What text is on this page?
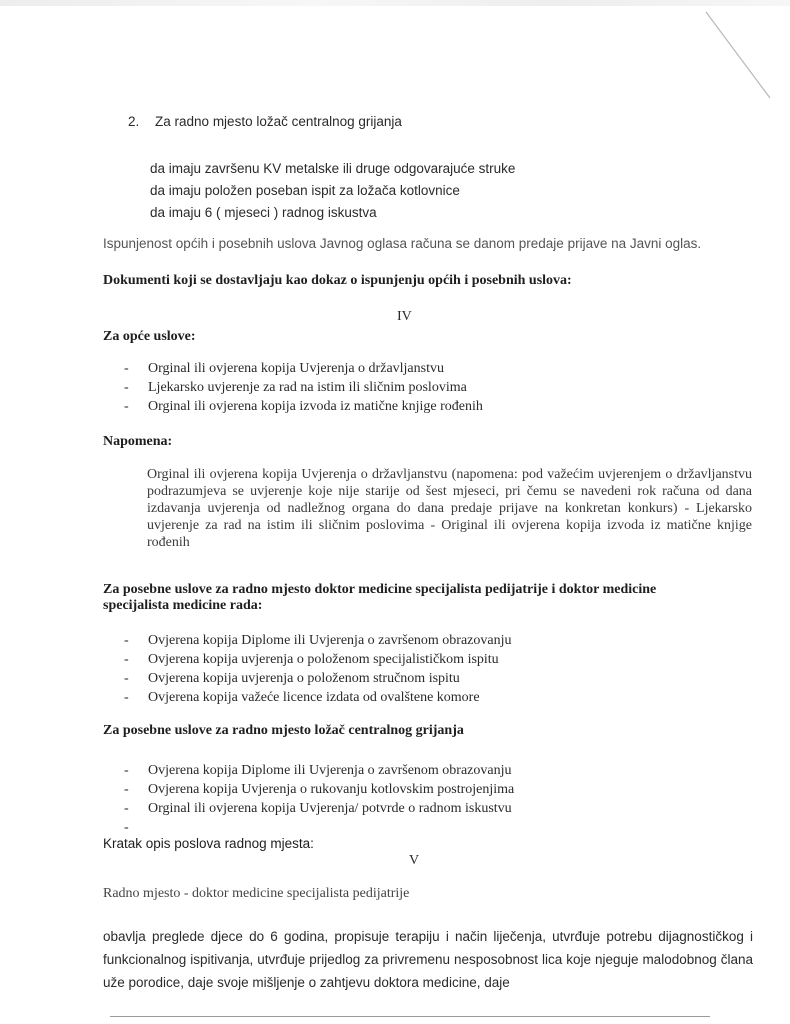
2. Za radno mjesto ložač centralnog grijanja
da imaju završenu KV metalske ili druge odgovarajuće struke
da imaju položen poseban ispit za ložača kotlovnice
da imaju 6 ( mjeseci ) radnog iskustva
Ispunjenost općih i posebnih uslova Javnog oglasa računa se danom predaje prijave na Javni oglas.
Dokumenti koji se dostavljaju kao dokaz o ispunjenju općih i posebnih uslova:
IV
Za opće uslove:
- Orginal ili ovjerena kopija Uvjerenja o državljanstvu
- Ljekarsko uvjerenje za rad na istim ili sličnim poslovima
- Orginal ili ovjerena kopija izvoda iz matične knjige rođenih
Napomena:
Orginal ili ovjerena kopija Uvjerenja o državljanstvu (napomena: pod važećim uvjerenjem o državljanstvu podrazumjeva se uvjerenje koje nije starije od šest mjeseci, pri čemu se navedeni rok računa od dana izdavanja uvjerenja od nadležnog organa do dana predaje prijave na konkretan konkurs) - Ljekarsko uvjerenje za rad na istim ili sličnim poslovima - Original ili ovjerena kopija izvoda iz matične knjige rođenih
Za posebne uslove za radno mjesto doktor medicine specijalista pedijatrije i doktor medicine
specijalista medicine rada:
- Ovjerena kopija Diplome ili Uvjerenja o završenom obrazovanju
- Ovjerena kopija uvjerenja o položenom specijalističkom ispitu
- Ovjerena kopija uvjerenja o položenom stručnom ispitu
- Ovjerena kopija važeće licence izdata od ovalštene komore
Za posebne uslove za radno mjesto ložač centralnog grijanja
- Ovjerena kopija Diplome ili Uvjerenja o završenom obrazovanju
- Ovjerena kopija Uvjerenja o rukovanju kotlovskim postrojenjima
- Orginal ili ovjerena kopija Uvjerenja/ potvrde o radnom iskustvu
Kratak opis poslova radnog mjesta:
V
Radno mjesto - doktor medicine specijalista pedijatrije
obavlja preglede djece do 6 godina, propisuje terapiju i način liječenja, utvrđuje potrebu dijagnostičkog i funkcionalnog ispitivanja, utvrđuje prijedlog za privremenu nesposobnost lica koje njeguje malodobnog člana uže porodice, daje svoje mišljenje o zahtjevu doktora medicine, daje
